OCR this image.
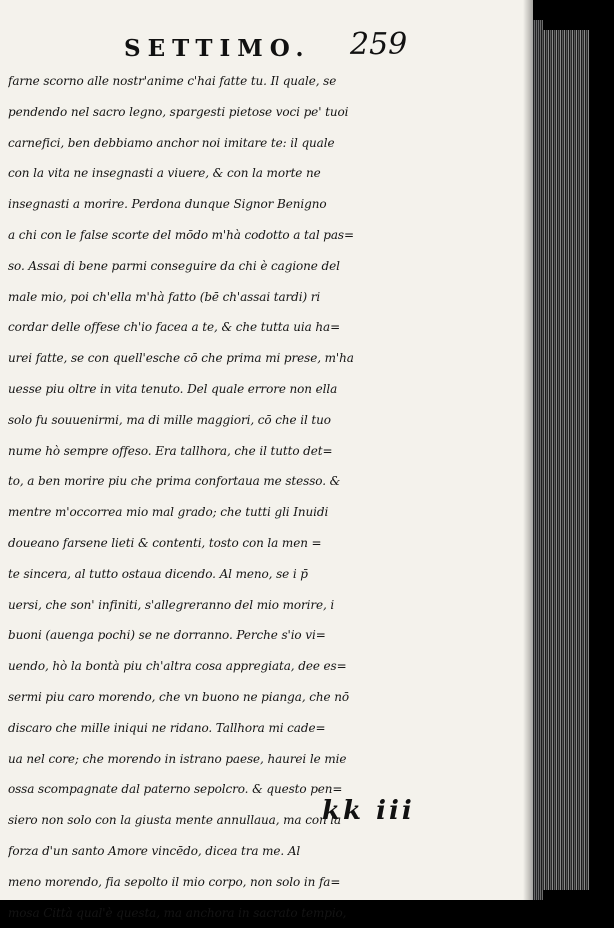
SETTIMO. 259
farne scorno alle nostr'anime c'hai fatte tu. Il quale, se
pendendo nel sacro legno, spargesti pietose voci pe' tuoi
carnefici, ben debbiamo anchor noi imitare te: il quale
con la vita ne insegnasti a viuere, & con la morte ne
insegnasti a morire. Perdona dunque Signor Benigno
a chi con le false scorte del mōdo m'hà codotto a tal pas=
so. Assai di bene parmi conseguire da chi è cagione del
male mio, poi ch'ella m'hà fatto (bē ch'assai tardi) ri
cordar delle offese ch'io facea a te, & che tutta uia ha=
urei fatte, se con quell'esche cō che prima mi prese, m'ha
uesse piu oltre in vita tenuto. Del quale errore non ella
solo fu souuenirmi, ma di mille maggiori, cō che il tuo
nume hò sempre offeso. Era tallhora, che il tutto det=
to, a ben morire piu che prima confortaua me stesso. &
mentre m'occorrea mio mal grado; che tutti gli Inuidi
doueano farsene lieti & contenti, tosto con la men =
te sincera, al tutto ostaua dicendo. Al meno, se i p̄
uersi, che son' infiniti, s'allegreranno del mio morire, i
buoni (auenga pochi) se ne dorranno. Perche s'io vi=
uendo, hò la bontà piu ch'altra cosa appregiata, dee es=
sermi piu caro morendo, che vn buono ne pianga, che nō
discaro che mille iniqui ne ridano. Tallhora mi cade=
ua nel core; che morendo in istrano paese, haurei le mie
ossa scompagnate dal paterno sepolcro. & questo pen=
siero non solo con la giusta mente annullaua, ma con la
forza d'un santo Amore vincēdo, dicea tra me. Al
meno morendo, fia sepolto il mio corpo, non solo in fa=
mosa Città qual'è questa, ma anchora in sacrato tempio,
kk iii
